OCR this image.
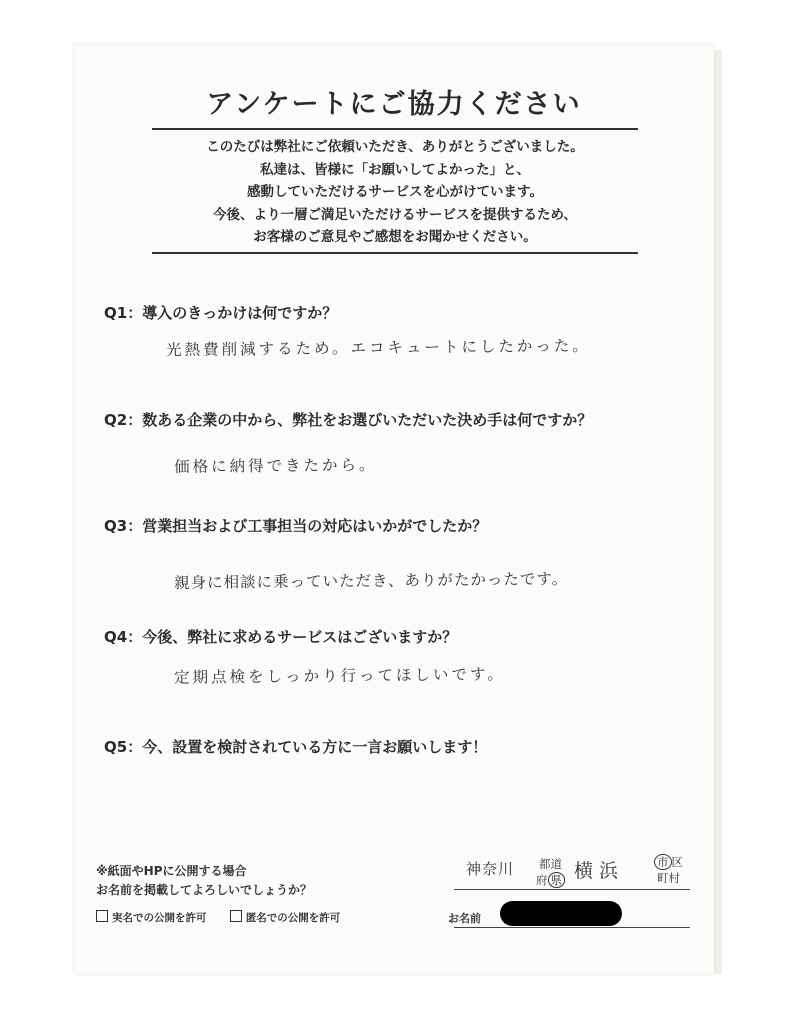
アンケートにご協力ください
このたびは弊社にご依頼いただき、ありがとうございました。
私達は、皆様に「お願いしてよかった」と、
感動していただけるサービスを心がけています。
今後、より一層ご満足いただけるサービスを提供するため、
お客様のご意見やご感想をお聞かせください。
Q1：導入のきっかけは何ですか？
光熱費削減するため。エコキュートにしたかった。
Q2：数ある企業の中から、弊社をお選びいただいた決め手は何ですか？
価格に納得できたから。
Q3：営業担当および工事担当の対応はいかがでしたか？
親身に相談に乗っていただき、ありがたかったです。
Q4：今後、弊社に求めるサービスはございますか？
定期点検をしっかり行ってほしいです。
Q5：今、設置を検討されている方に一言お願いします！
※紙面やHPに公開する場合
お名前を掲載してよろしいでしょうか？
実名での公開を許可	匿名での公開を許可
神奈川 都道
府 県 横浜	市 区
町村
お名前
